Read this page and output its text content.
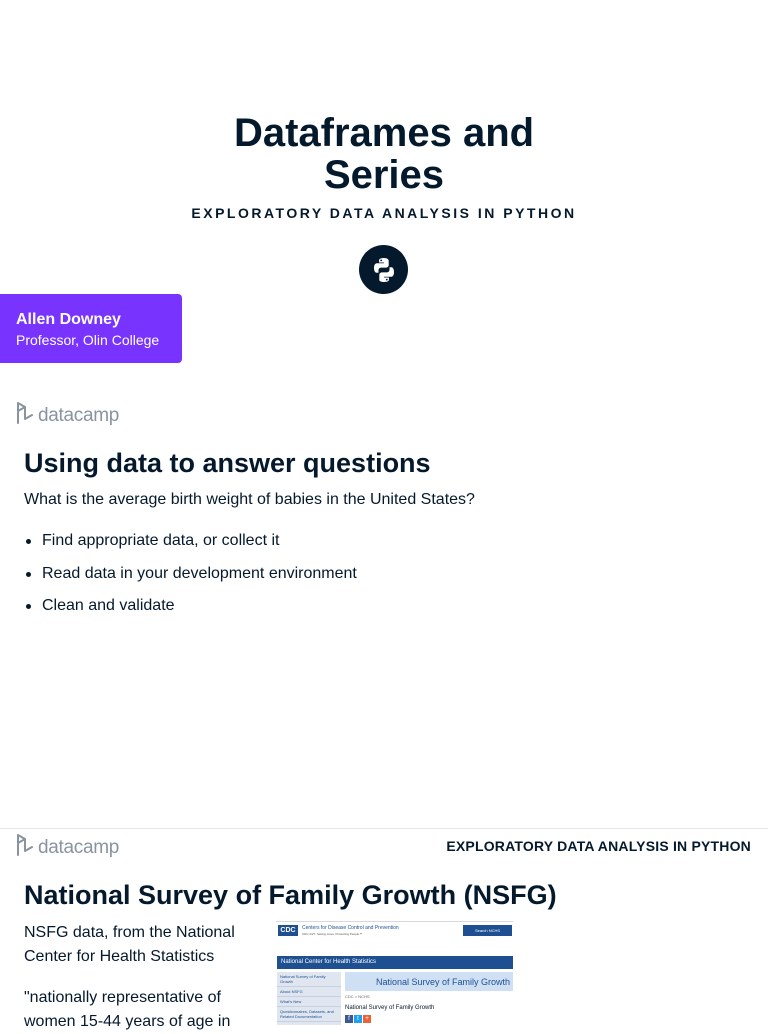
Dataframes and
Series
EXPLORATORY DATA ANALYSIS IN PYTHON
Allen Downey
Professor, Olin College
datacamp
Using data to answer questions
What is the average birth weight of babies in the United States?
Find appropriate data, or collect it
Read data in your development environment
Clean and validate
datacamp	EXPLORATORY DATA ANALYSIS IN PYTHON
National Survey of Family Growth (NSFG)
NSFG data, from the National Center for Health Statistics
"nationally representative of women 15-44 years of age in
CDC	Centers for Disease Control and Prevention
CDC 24/7: Saving Lives, Protecting People™
Search NCHS
National Center for Health Statistics
National Survey of Family Growth
About NSFG
What's New
Questionnaires, Datasets, and Related Documentation
National Survey of Family Growth
CDC > NCHS
National Survey of Family Growth
f	t	+
